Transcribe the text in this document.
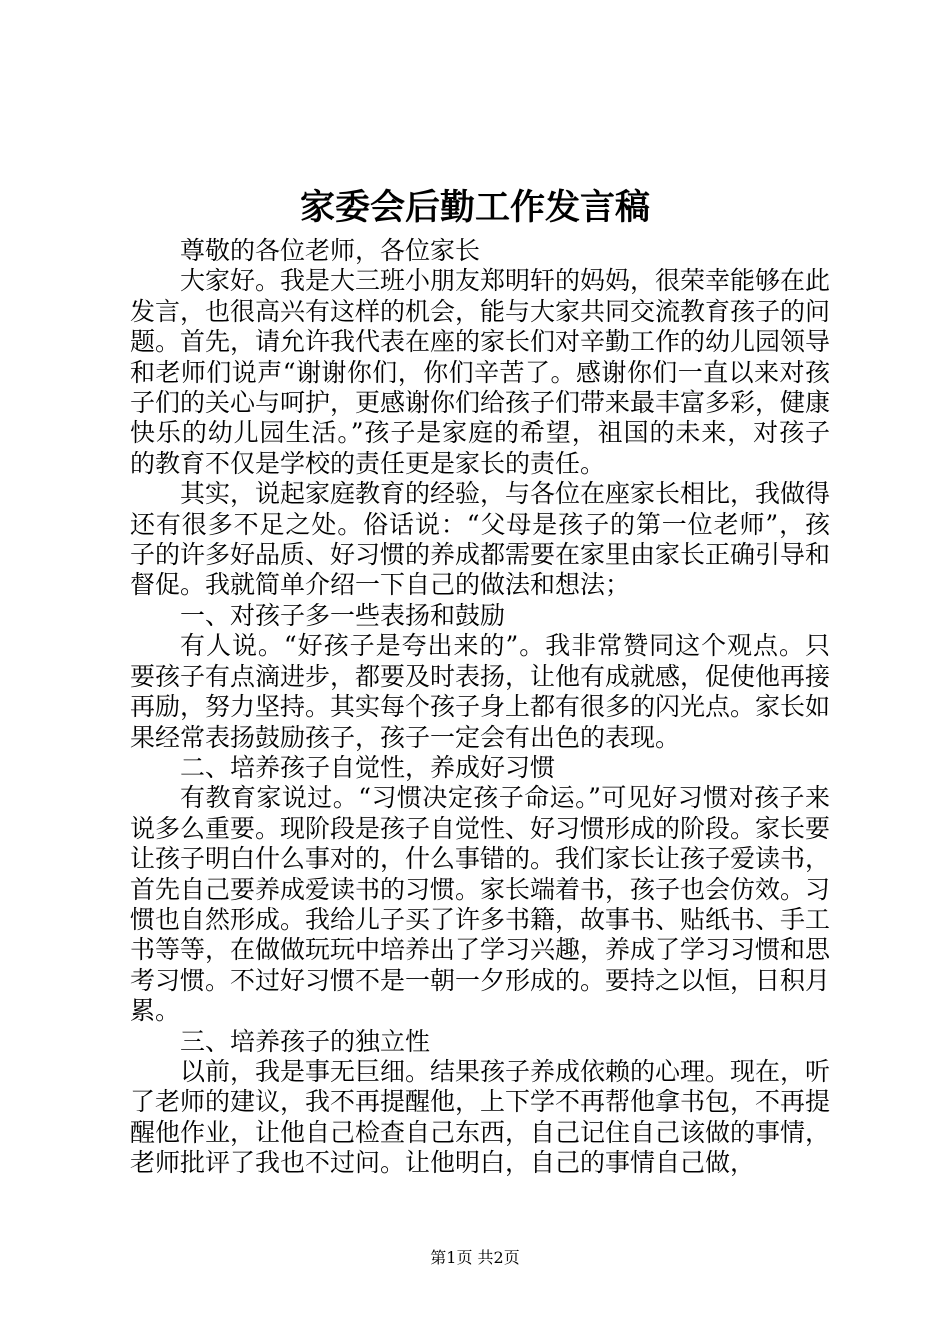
家委会后勤工作发言稿

尊敬的各位老师，各位家长

大家好。我是大三班小朋友郑明轩的妈妈，很荣幸能够在此发言，也很高兴有这样的机会，能与大家共同交流教育孩子的问题。首先，请允许我代表在座的家长们对辛勤工作的幼儿园领导和老师们说声“谢谢你们，你们辛苦了。感谢你们一直以来对孩子们的关心与呵护，更感谢你们给孩子们带来最丰富多彩，健康快乐的幼儿园生活。”孩子是家庭的希望，祖国的未来，对孩子的教育不仅是学校的责任更是家长的责任。

其实，说起家庭教育的经验，与各位在座家长相比，我做得还有很多不足之处。俗话说：“父母是孩子的第一位老师”，孩子的许多好品质、好习惯的养成都需要在家里由家长正确引导和督促。我就简单介绍一下自己的做法和想法；

一、对孩子多一些表扬和鼓励

有人说。“好孩子是夸出来的”。我非常赞同这个观点。只要孩子有点滴进步，都要及时表扬，让他有成就感，促使他再接再励，努力坚持。其实每个孩子身上都有很多的闪光点。家长如果经常表扬鼓励孩子，孩子一定会有出色的表现。

二、培养孩子自觉性，养成好习惯

有教育家说过。“习惯决定孩子命运。”可见好习惯对孩子来说多么重要。现阶段是孩子自觉性、好习惯形成的阶段。家长要让孩子明白什么事对的，什么事错的。我们家长让孩子爱读书，首先自己要养成爱读书的习惯。家长端着书，孩子也会仿效。习惯也自然形成。我给儿子买了许多书籍，故事书、贴纸书、手工书等等，在做做玩玩中培养出了学习兴趣，养成了学习习惯和思考习惯。不过好习惯不是一朝一夕形成的。要持之以恒，日积月累。

三、培养孩子的独立性

以前，我是事无巨细。结果孩子养成依赖的心理。现在，听了老师的建议，我不再提醒他，上下学不再帮他拿书包，不再提醒他作业，让他自己检查自己东西，自己记住自己该做的事情，老师批评了我也不过问。让他明白，自己的事情自己做，

第1页 共2页
